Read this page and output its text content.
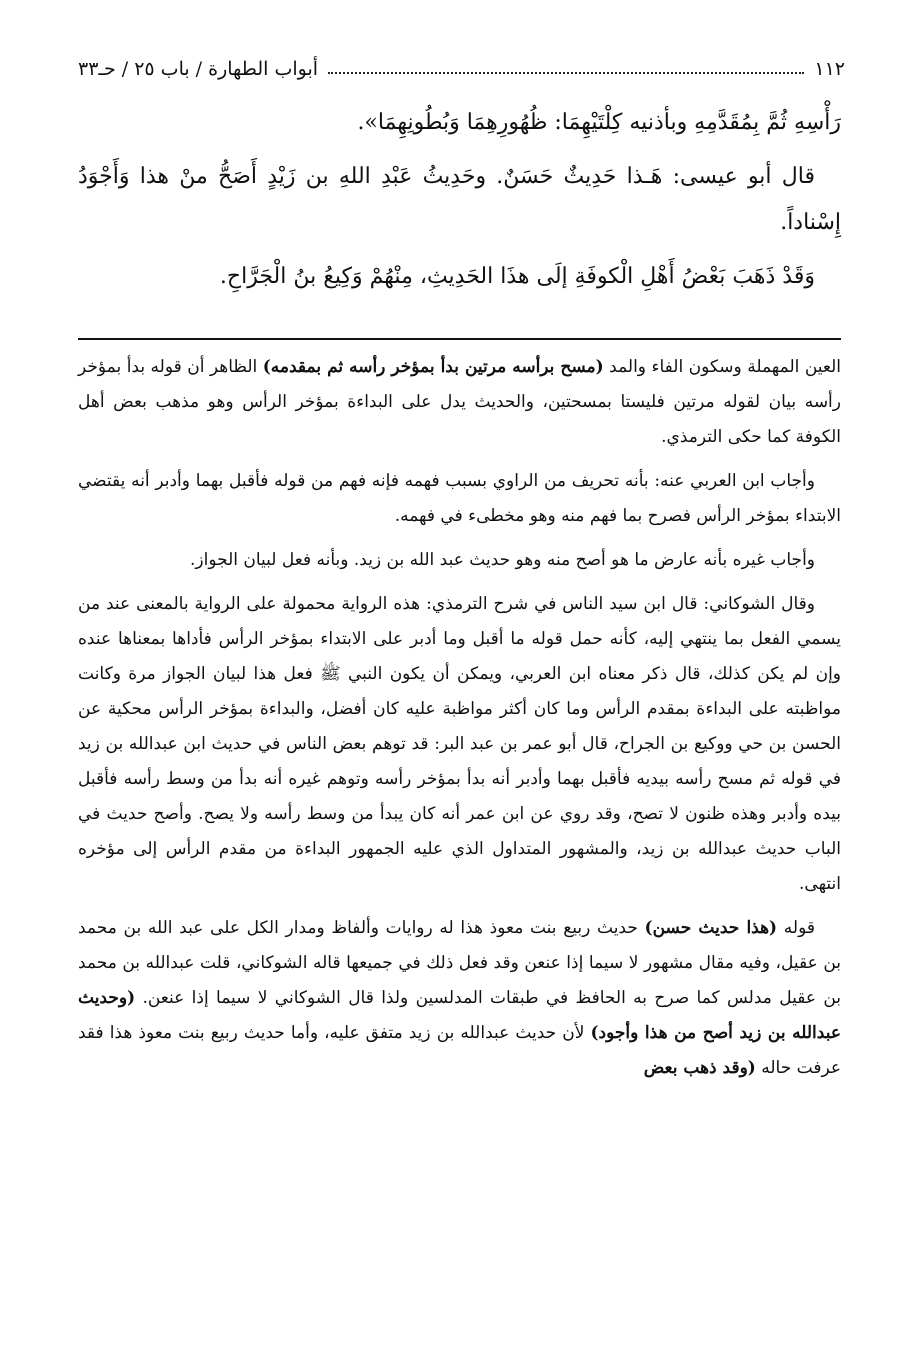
١١٢
أبواب الطهارة / باب ٢٥ / حـ٣٣

رَأْسِهِ ثُمَّ بِمُقَدَّمِهِ وبأذنيه كِلْتَيْهِمَا: ظُهُورِهِمَا وَبُطُونِهِمَا».

قال أبو عيسى: هَـذا حَدِيثٌ حَسَنٌ. وحَدِيثُ عَبْدِ اللهِ بن زَيْدٍ أَصَحُّ منْ هذا وَأَجْوَدُ إِسْناداً.

وَقَدْ ذَهَبَ بَعْضُ أَهْلِ الْكوفَةِ إلَى هذَا الحَدِيثِ، مِنْهُمْ وَكِيعُ بنُ الْجَرَّاحِ.

العين المهملة وسكون الفاء والمد (مسح برأسه مرتين بدأ بمؤخر رأسه ثم بمقدمه) الظاهر أن قوله بدأ بمؤخر رأسه بيان لقوله مرتين فليستا بمسحتين، والحديث يدل على البداءة بمؤخر الرأس وهو مذهب بعض أهل الكوفة كما حكى الترمذي.

وأجاب ابن العربي عنه: بأنه تحريف من الراوي بسبب فهمه فإنه فهم من قوله فأقبل بهما وأدبر أنه يقتضي الابتداء بمؤخر الرأس فصرح بما فهم منه وهو مخطىء في فهمه.

وأجاب غيره بأنه عارض ما هو أصح منه وهو حديث عبد الله بن زيد. وبأنه فعل لبيان الجواز.

وقال الشوكاني: قال ابن سيد الناس في شرح الترمذي: هذه الرواية محمولة على الرواية بالمعنى عند من يسمي الفعل بما ينتهي إليه، كأنه حمل قوله ما أقبل وما أدبر على الابتداء بمؤخر الرأس فأداها بمعناها عنده وإن لم يكن كذلك، قال ذكر معناه ابن العربي، ويمكن أن يكون النبي ﷺ فعل هذا لبيان الجواز مرة وكانت مواظبته على البداءة بمقدم الرأس وما كان أكثر مواظبة عليه كان أفضل، والبداءة بمؤخر الرأس محكية عن الحسن بن حي ووكيع بن الجراح، قال أبو عمر بن عبد البر: قد توهم بعض الناس في حديث ابن عبدالله بن زيد في قوله ثم مسح رأسه بيديه فأقبل بهما وأدبر أنه بدأ بمؤخر رأسه وتوهم غيره أنه بدأ من وسط رأسه فأقبل بيده وأدبر وهذه ظنون لا تصح، وقد روي عن ابن عمر أنه كان يبدأ من وسط رأسه ولا يصح. وأصح حديث في الباب حديث عبدالله بن زيد، والمشهور المتداول الذي عليه الجمهور البداءة من مقدم الرأس إلى مؤخره انتهى.

قوله (هذا حديث حسن) حديث ربيع بنت معوذ هذا له روايات وألفاظ ومدار الكل على عبد الله بن محمد بن عقيل، وفيه مقال مشهور لا سيما إذا عنعن وقد فعل ذلك في جميعها قاله الشوكاني، قلت عبدالله بن محمد بن عقيل مدلس كما صرح به الحافظ في طبقات المدلسين ولذا قال الشوكاني لا سيما إذا عنعن. (وحديث عبدالله بن زيد أصح من هذا وأجود) لأن حديث عبدالله بن زيد متفق عليه، وأما حديث ربيع بنت معوذ هذا فقد عرفت حاله (وقد ذهب بعض
